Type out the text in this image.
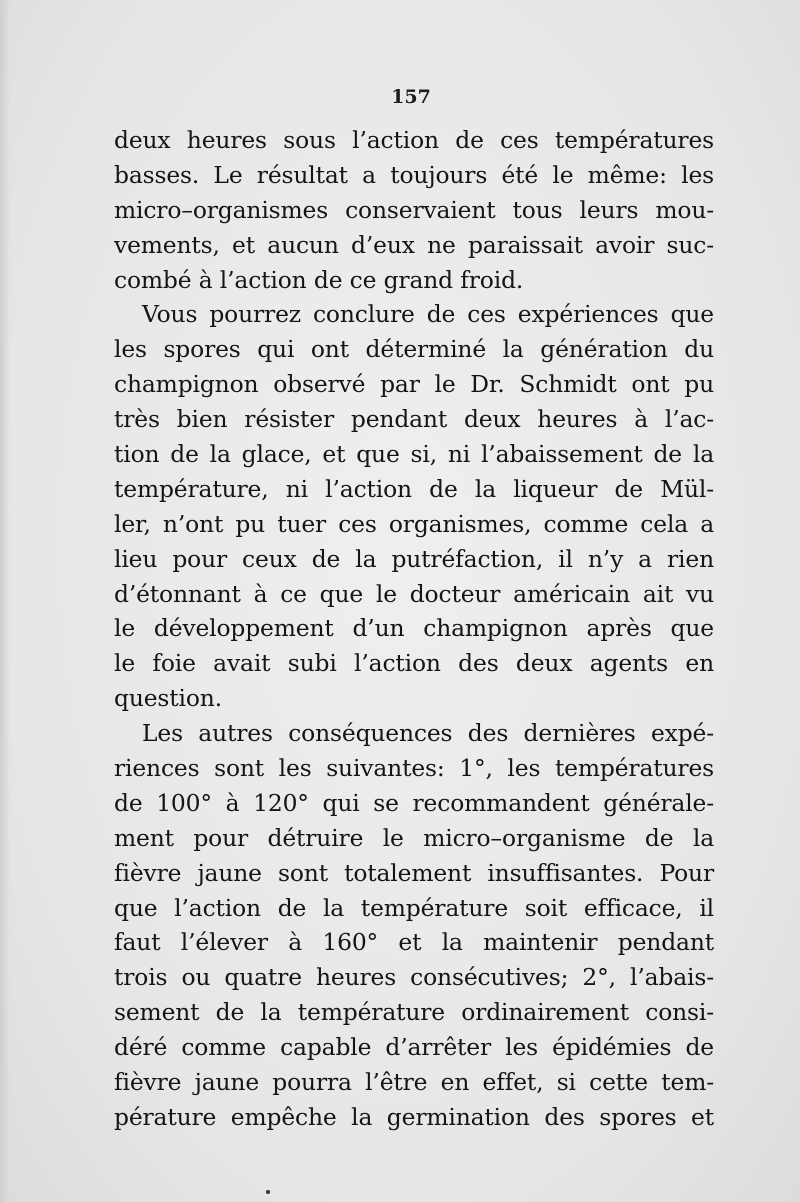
157
deux heures sous l’action de ces températures
basses. Le résultat a toujours été le même: les
micro–organismes conservaient tous leurs mou-
vements, et aucun d’eux ne paraissait avoir suc-
combé à l’action de ce grand froid.
Vous pourrez conclure de ces expériences que
les spores qui ont déterminé la génération du
champignon observé par le Dr. Schmidt ont pu
très bien résister pendant deux heures à l’ac-
tion de la glace, et que si, ni l’abaissement de la
température, ni l’action de la liqueur de Mül-
ler, n’ont pu tuer ces organismes, comme cela a
lieu pour ceux de la putréfaction, il n’y a rien
d’étonnant à ce que le docteur américain ait vu
le développement d’un champignon après que
le foie avait subi l’action des deux agents en
question.
Les autres conséquences des dernières expé-
riences sont les suivantes: 1°, les températures
de 100° à 120° qui se recommandent générale-
ment pour détruire le micro–organisme de la
fièvre jaune sont totalement insuffisantes. Pour
que l’action de la température soit efficace, il
faut l’élever à 160° et la maintenir pendant
trois ou quatre heures consécutives; 2°, l’abais-
sement de la température ordinairement consi-
déré comme capable d’arrêter les épidémies de
fièvre jaune pourra l’être en effet, si cette tem-
pérature empêche la germination des spores et
